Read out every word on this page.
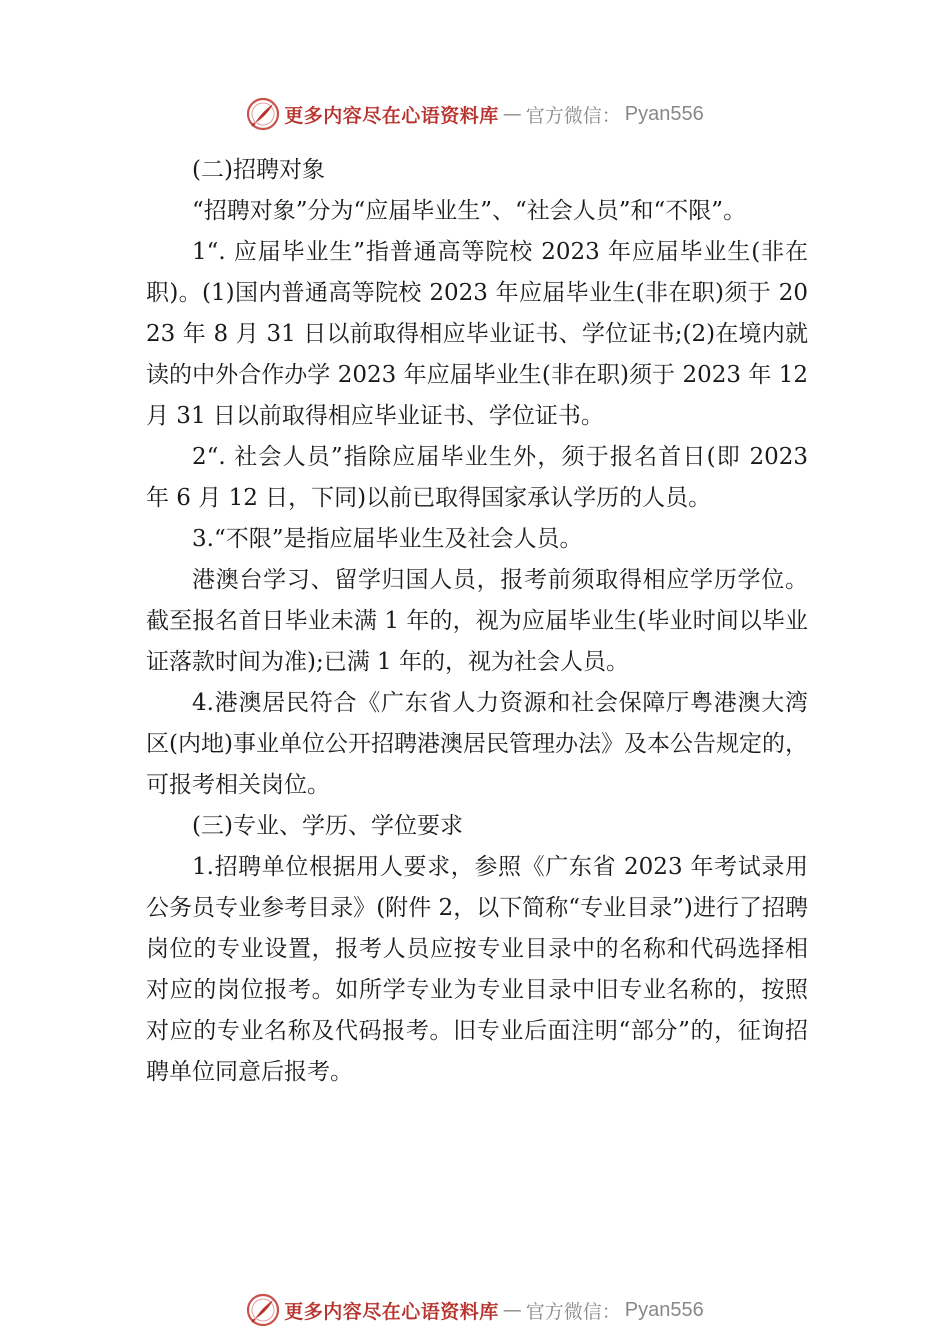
更多内容尽在心语资料库 — 官方微信： Pyan556

(二)招聘对象

“招聘对象”分为“应届毕业生”、“社会人员”和“不限”。

1“. 应届毕业生”指普通高等院校 2023 年应届毕业生(非在职)。(1)国内普通高等院校 2023 年应届毕业生(非在职)须于 2023 年 8 月 31 日以前取得相应毕业证书、学位证书;(2)在境内就读的中外合作办学 2023 年应届毕业生(非在职)须于 2023 年 12 月 31 日以前取得相应毕业证书、学位证书。

2“. 社会人员”指除应届毕业生外，须于报名首日(即 2023 年 6 月 12 日，下同)以前已取得国家承认学历的人员。

3.“不限”是指应届毕业生及社会人员。

港澳台学习、留学归国人员，报考前须取得相应学历学位。截至报名首日毕业未满 1 年的，视为应届毕业生(毕业时间以毕业证落款时间为准);已满 1 年的，视为社会人员。

4.港澳居民符合《广东省人力资源和社会保障厅粤港澳大湾区(内地)事业单位公开招聘港澳居民管理办法》及本公告规定的，可报考相关岗位。

(三)专业、学历、学位要求

1.招聘单位根据用人要求，参照《广东省 2023 年考试录用公务员专业参考目录》(附件 2，以下简称“专业目录”)进行了招聘岗位的专业设置，报考人员应按专业目录中的名称和代码选择相对应的岗位报考。如所学专业为专业目录中旧专业名称的，按照对应的专业名称及代码报考。旧专业后面注明“部分”的，征询招聘单位同意后报考。

更多内容尽在心语资料库 — 官方微信： Pyan556
